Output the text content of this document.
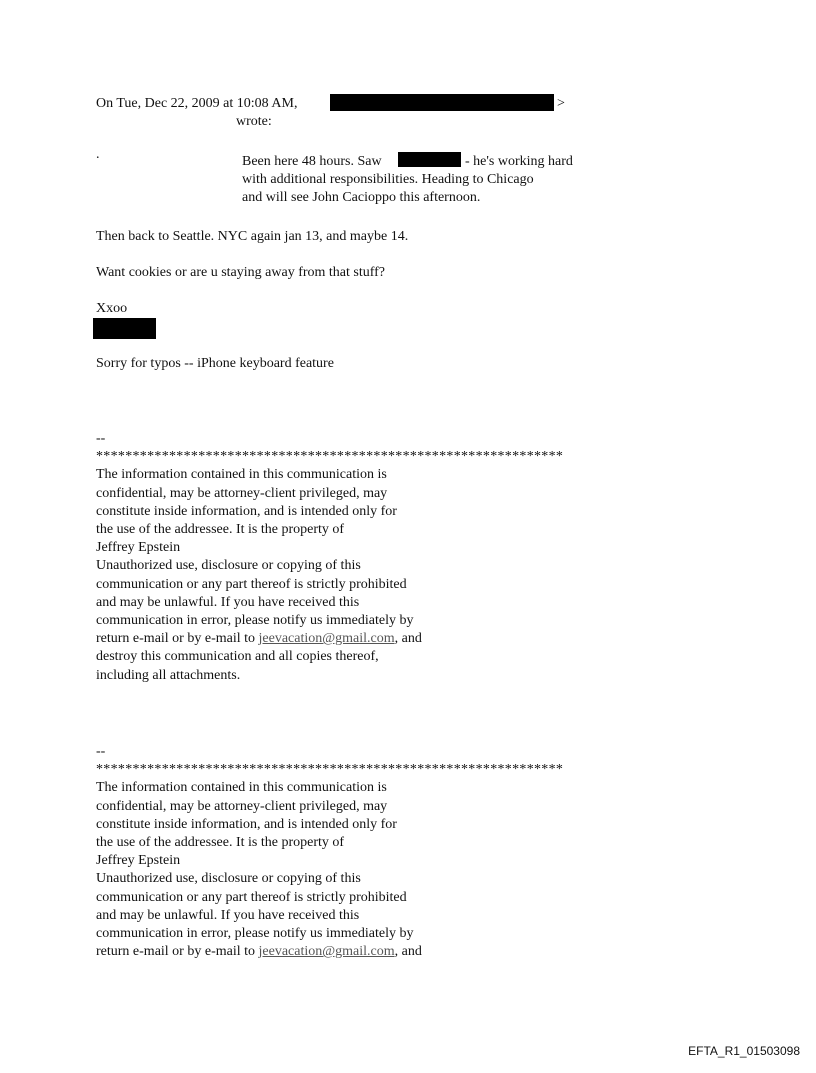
On Tue, Dec 22, 2009 at 10:08 AM,	>
wrote:
.	Been here 48 hours. Saw	- he's working hard
with additional responsibilities. Heading to Chicago
and will see John Cacioppo this afternoon.
Then back to Seattle. NYC again jan 13, and maybe 14.
Want cookies or are u staying away from that stuff?
Xxoo
Sorry for typos -- iPhone keyboard feature
--
****************************************************************
The information contained in this communication is
confidential, may be attorney-client privileged, may
constitute inside information, and is intended only for
the use of the addressee. It is the property of
Jeffrey Epstein
Unauthorized use, disclosure or copying of this
communication or any part thereof is strictly prohibited
and may be unlawful. If you have received this
communication in error, please notify us immediately by
return e-mail or by e-mail to jeevacation@gmail.com, and
destroy this communication and all copies thereof,
including all attachments.
--
****************************************************************
The information contained in this communication is
confidential, may be attorney-client privileged, may
constitute inside information, and is intended only for
the use of the addressee. It is the property of
Jeffrey Epstein
Unauthorized use, disclosure or copying of this
communication or any part thereof is strictly prohibited
and may be unlawful. If you have received this
communication in error, please notify us immediately by
return e-mail or by e-mail to jeevacation@gmail.com, and
EFTA_R1_01503098
